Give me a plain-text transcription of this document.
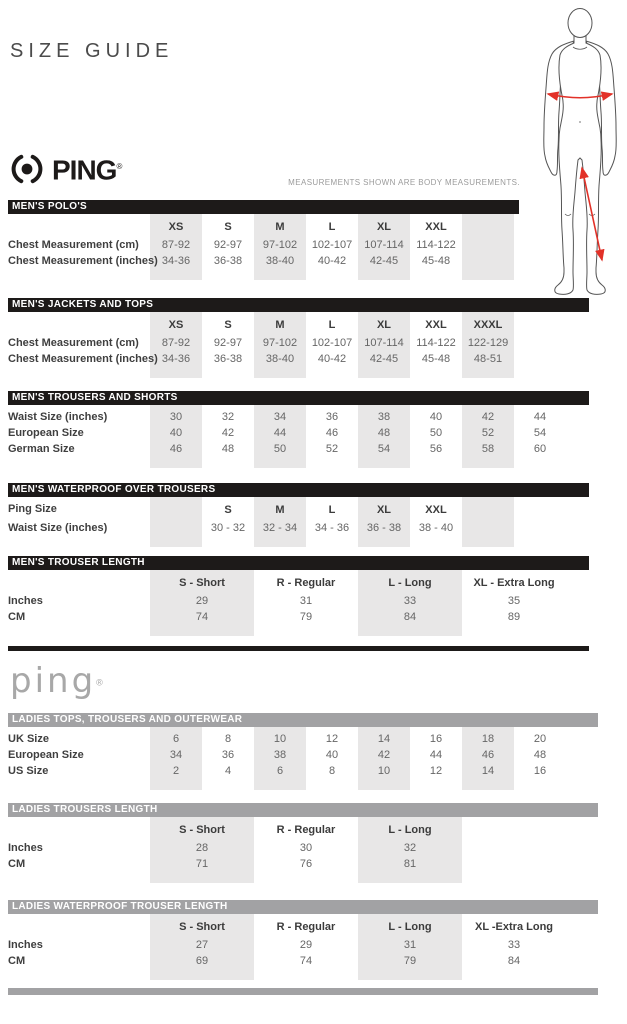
SIZE GUIDE
PING®
MEASUREMENTS SHOWN ARE BODY MEASUREMENTS.
MEN'S POLO'S
XS	S	M	L	XL	XXL
Chest Measurement (cm)	87-92	92-97	97-102	102-107	107-114	114-122
Chest Measurement (inches) 34-36	36-38	38-40	40-42	42-45	45-48
MEN'S JACKETS AND TOPS
XS	S	M	L	XL	XXL	XXXL
Chest Measurement (cm)	87-92	92-97	97-102	102-107	107-114	114-122	122-129
Chest Measurement (inches) 34-36	36-38	38-40	40-42	42-45	45-48	48-51
MEN'S TROUSERS AND SHORTS
Waist Size (inches)	30	32	34	36	38	40	42	44
European Size	40	42	44	46	48	50	52	54
German Size	46	48	50	52	54	56	58	60
MEN'S WATERPROOF OVER TROUSERS
Ping Size	S	M	L	XL	XXL
Waist Size (inches)	30 - 32	32 - 34	34 - 36	36 - 38	38 - 40
MEN'S TROUSER LENGTH
S - Short	R - Regular	L - Long	XL - Extra Long
Inches	29	31	33	35
CM	74	79	84	89
ping®
LADIES TOPS, TROUSERS AND OUTERWEAR
UK Size	6	8	10	12	14	16	18	20
European Size	34	36	38	40	42	44	46	48
US Size	2	4	6	8	10	12	14	16
LADIES TROUSERS LENGTH
S - Short	R - Regular	L - Long
Inches	28	30	32
CM	71	76	81
LADIES WATERPROOF TROUSER LENGTH
S - Short	R - Regular	L - Long	XL -Extra Long
Inches	27	29	31	33
CM	69	74	79	84
